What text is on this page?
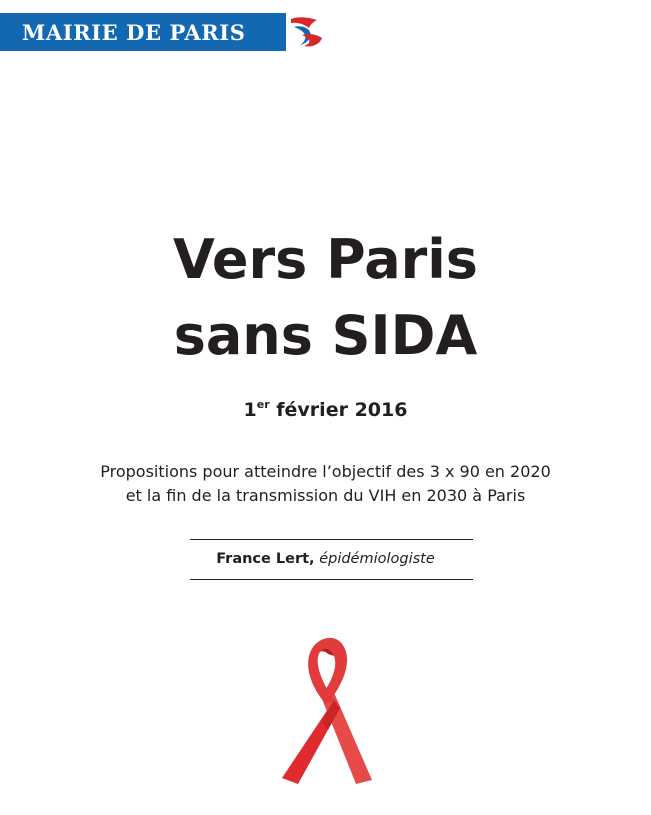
MAIRIE DE PARIS
Vers Paris
sans SIDA
1er février 2016
Propositions pour atteindre l’objectif des 3 x 90 en 2020
et la fin de la transmission du VIH en 2030 à Paris
France Lert, épidémiologiste
